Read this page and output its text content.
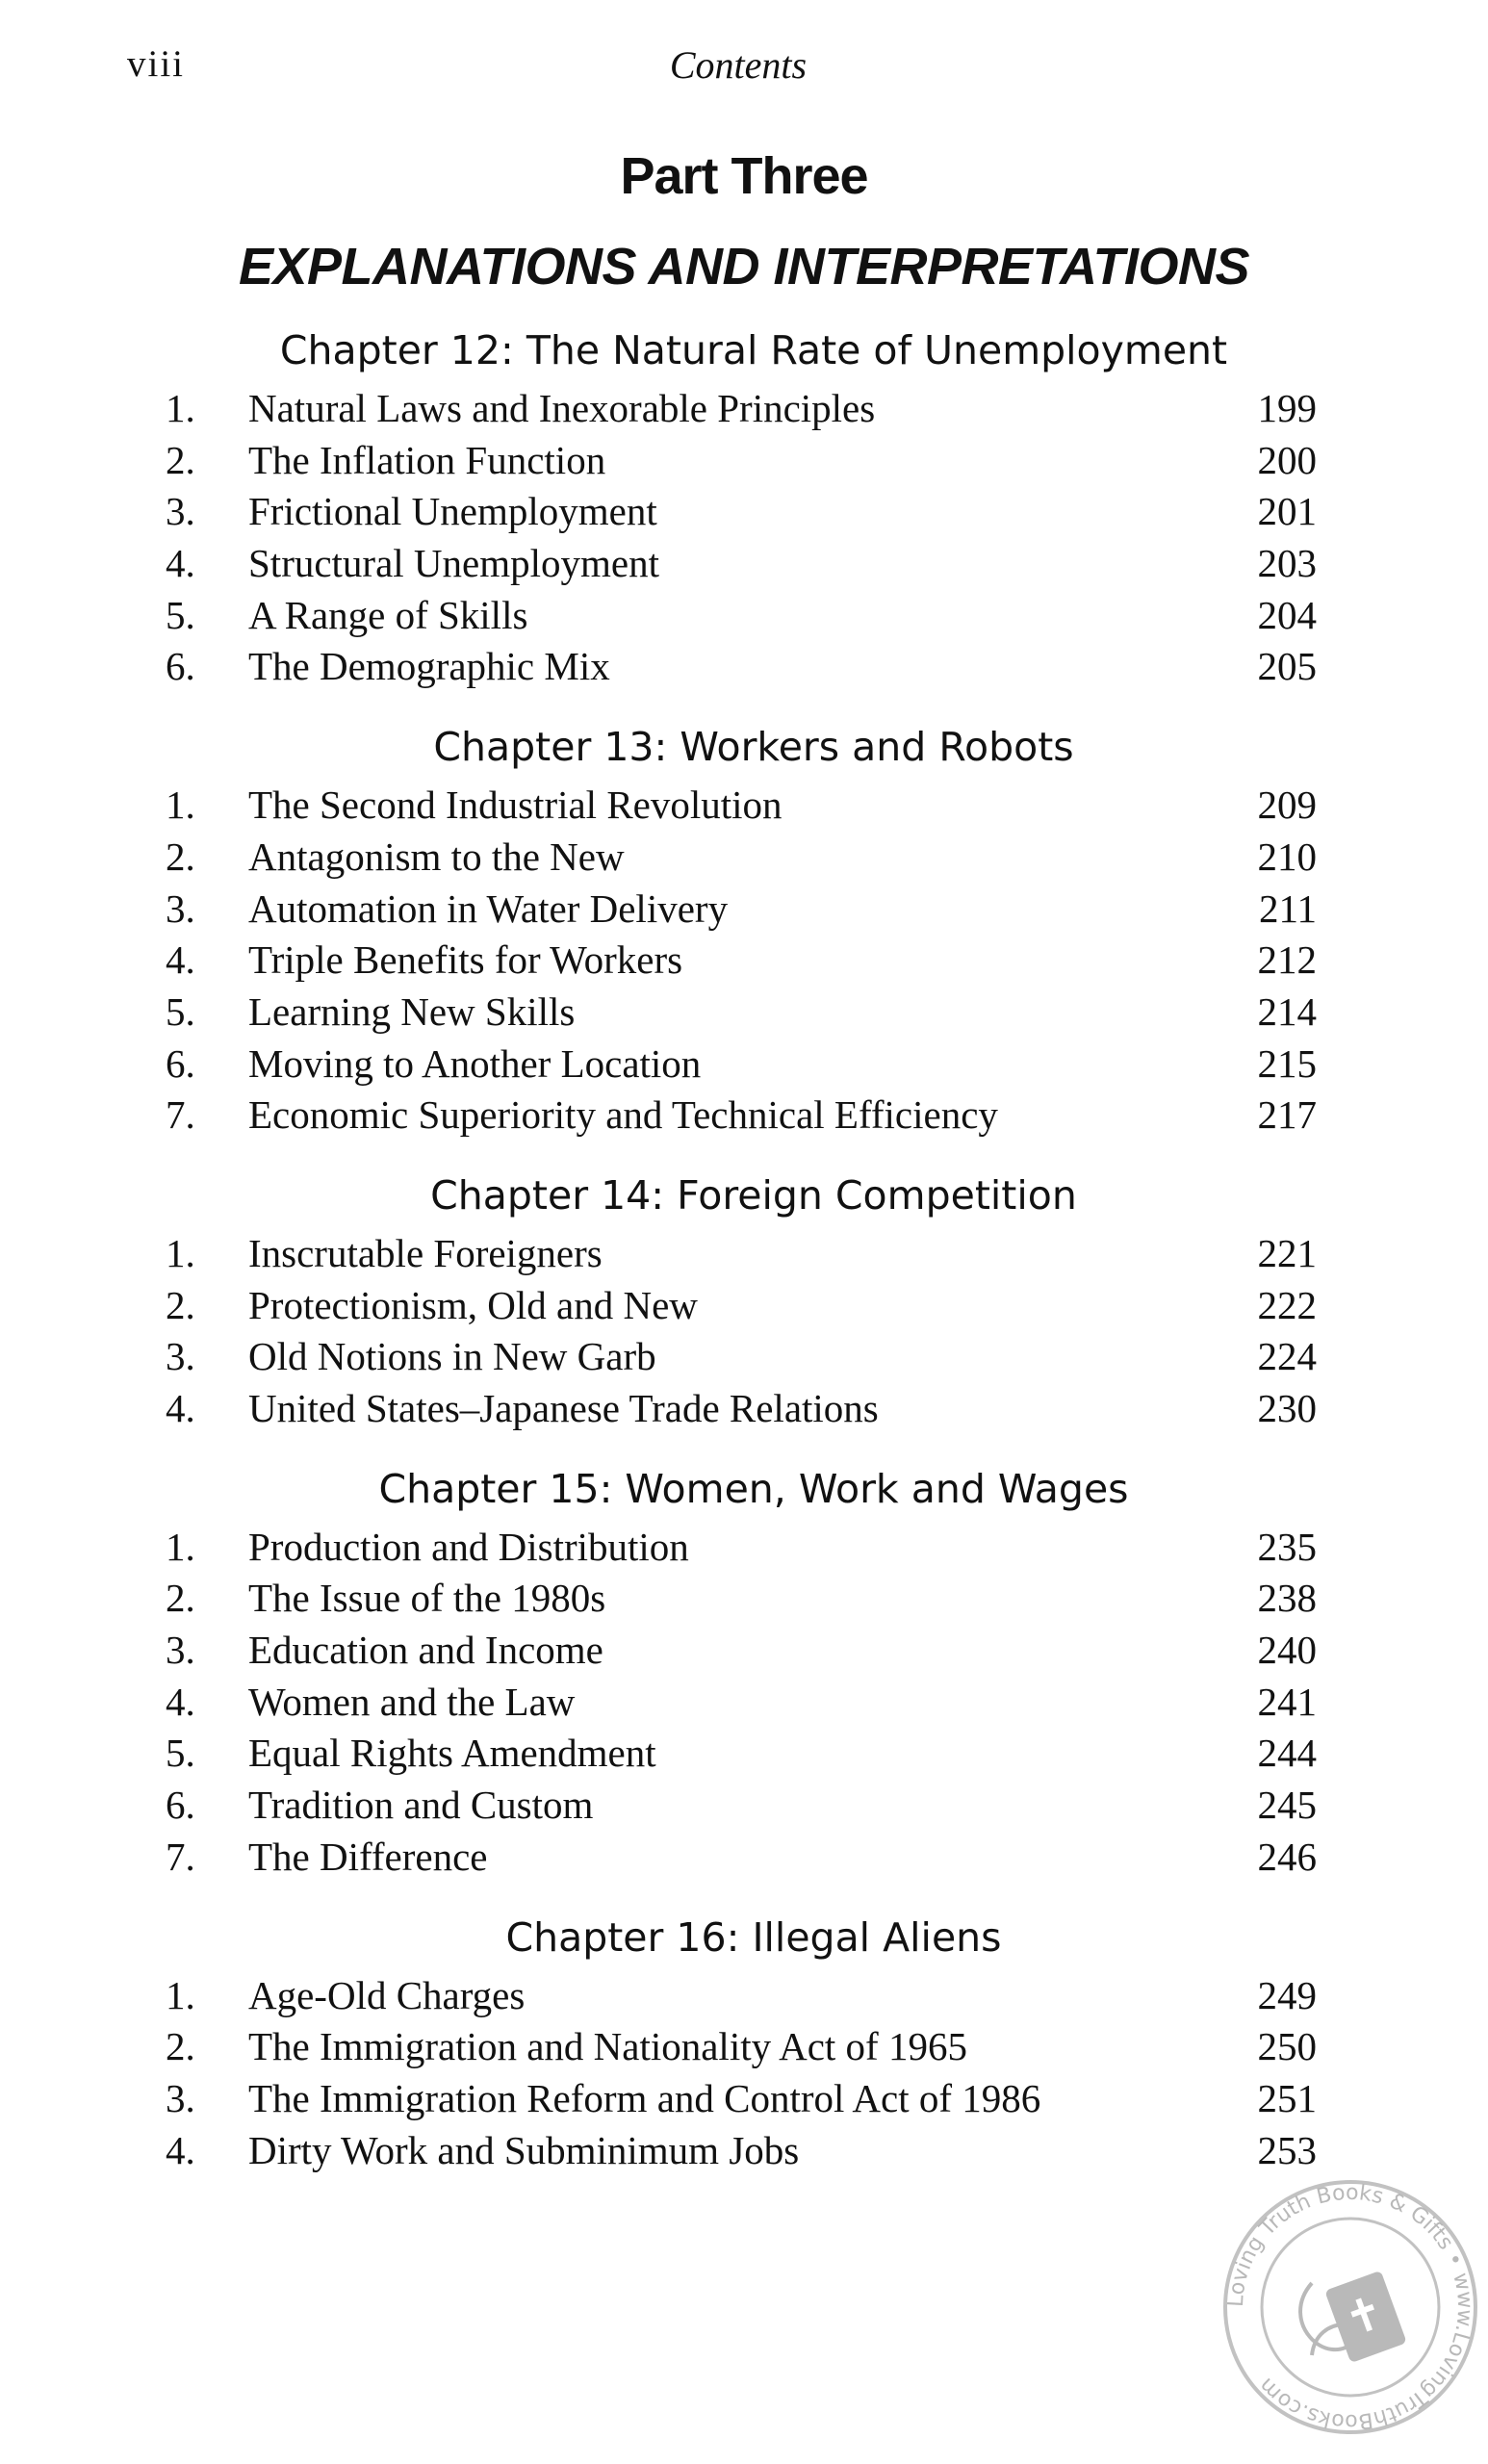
viii	Contents
Part Three
EXPLANATIONS AND INTERPRETATIONS
Chapter 12: The Natural Rate of Unemployment
1.	Natural Laws and Inexorable Principles	199
2.	The Inflation Function	200
3.	Frictional Unemployment	201
4.	Structural Unemployment	203
5.	A Range of Skills	204
6.	The Demographic Mix	205
Chapter 13: Workers and Robots
1.	The Second Industrial Revolution	209
2.	Antagonism to the New	210
3.	Automation in Water Delivery	211
4.	Triple Benefits for Workers	212
5.	Learning New Skills	214
6.	Moving to Another Location	215
7.	Economic Superiority and Technical Efficiency	217
Chapter 14: Foreign Competition
1.	Inscrutable Foreigners	221
2.	Protectionism, Old and New	222
3.	Old Notions in New Garb	224
4.	United States–Japanese Trade Relations	230
Chapter 15: Women, Work and Wages
1.	Production and Distribution	235
2.	The Issue of the 1980s	238
3.	Education and Income	240
4.	Women and the Law	241
5.	Equal Rights Amendment	244
6.	Tradition and Custom	245
7.	The Difference	246
Chapter 16: Illegal Aliens
1.	Age-Old Charges	249
2.	The Immigration and Nationality Act of 1965	250
3.	The Immigration Reform and Control Act of 1986	251
4.	Dirty Work and Subminimum Jobs	253
Loving Truth Books & Gifts • www.LovingTruthBooks.com
